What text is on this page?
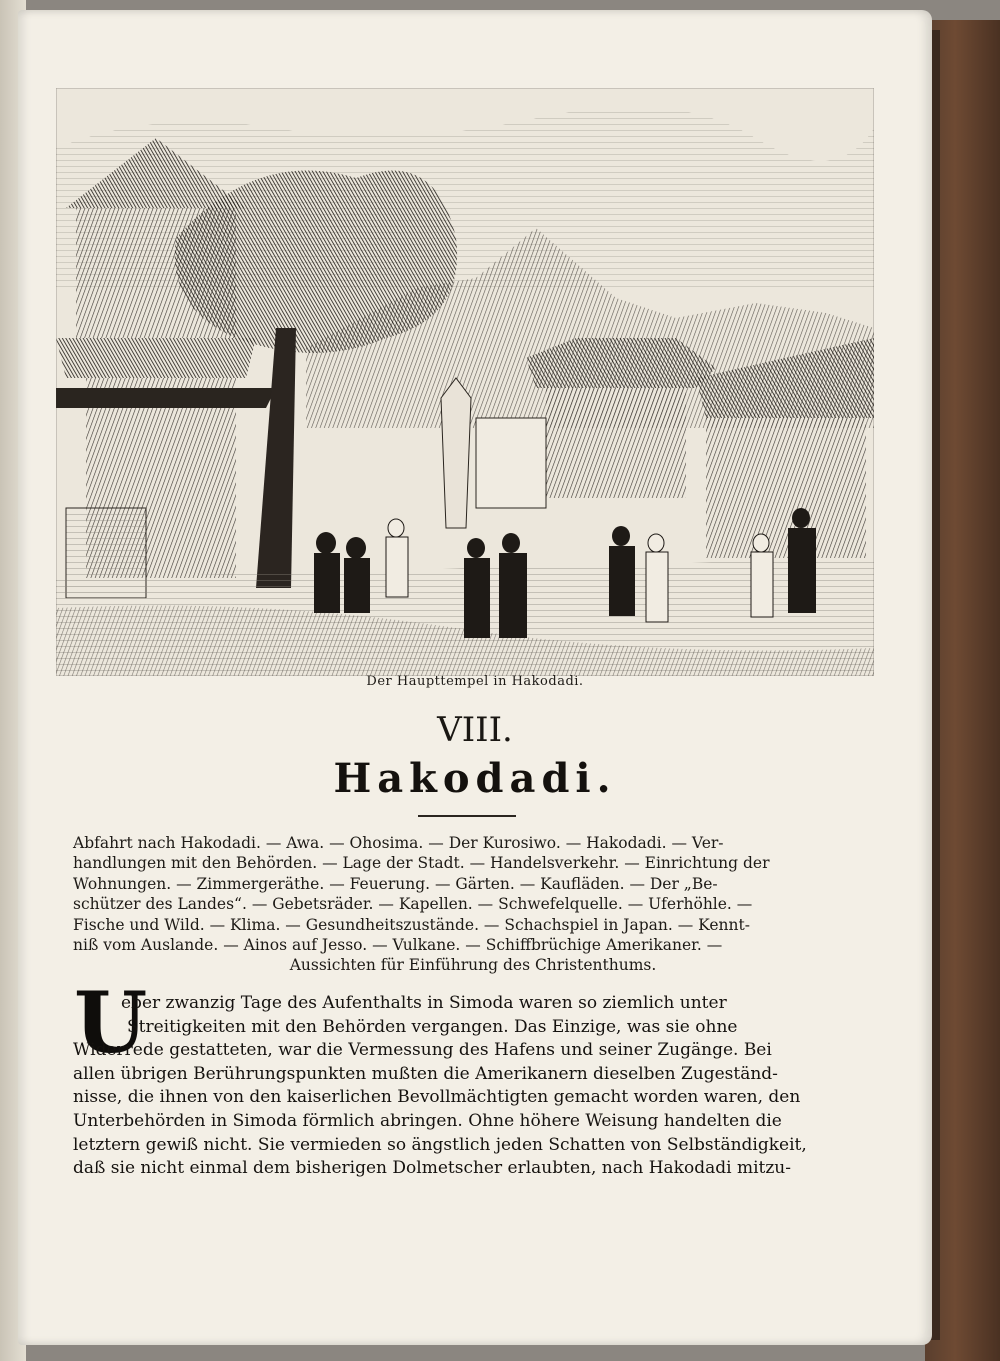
Der Haupttempel in Hakodadi.
VIII.
Hakodadi.
Abfahrt nach Hakodadi. — Awa. — Ohosima. — Der Kurosiwo. — Hakodadi. — Ver-
handlungen mit den Behörden. — Lage der Stadt. — Handelsverkehr. — Einrichtung der
Wohnungen. — Zimmergeräthe. — Feuerung. — Gärten. — Kaufläden. — Der „Be-
schützer des Landes“. — Gebetsräder. — Kapellen. — Schwefelquelle. — Uferhöhle. —
Fische und Wild. — Klima. — Gesundheitszustände. — Schachspiel in Japan. — Kennt-
niß vom Auslande. — Ainos auf Jesso. — Vulkane. — Schiffbrüchige Amerikaner. —
Aussichten für Einführung des Christenthums.
U
eber zwanzig Tage des Aufenthalts in Simoda waren so ziemlich unter
Streitigkeiten mit den Behörden vergangen. Das Einzige, was sie ohne
Widerrede gestatteten, war die Vermessung des Hafens und seiner Zugänge. Bei
allen übrigen Berührungspunkten mußten die Amerikanern dieselben Zugeständ-
nisse, die ihnen von den kaiserlichen Bevollmächtigten gemacht worden waren, den
Unterbehörden in Simoda förmlich abringen. Ohne höhere Weisung handelten die
letztern gewiß nicht. Sie vermieden so ängstlich jeden Schatten von Selbständigkeit,
daß sie nicht einmal dem bisherigen Dolmetscher erlaubten, nach Hakodadi mitzu-
